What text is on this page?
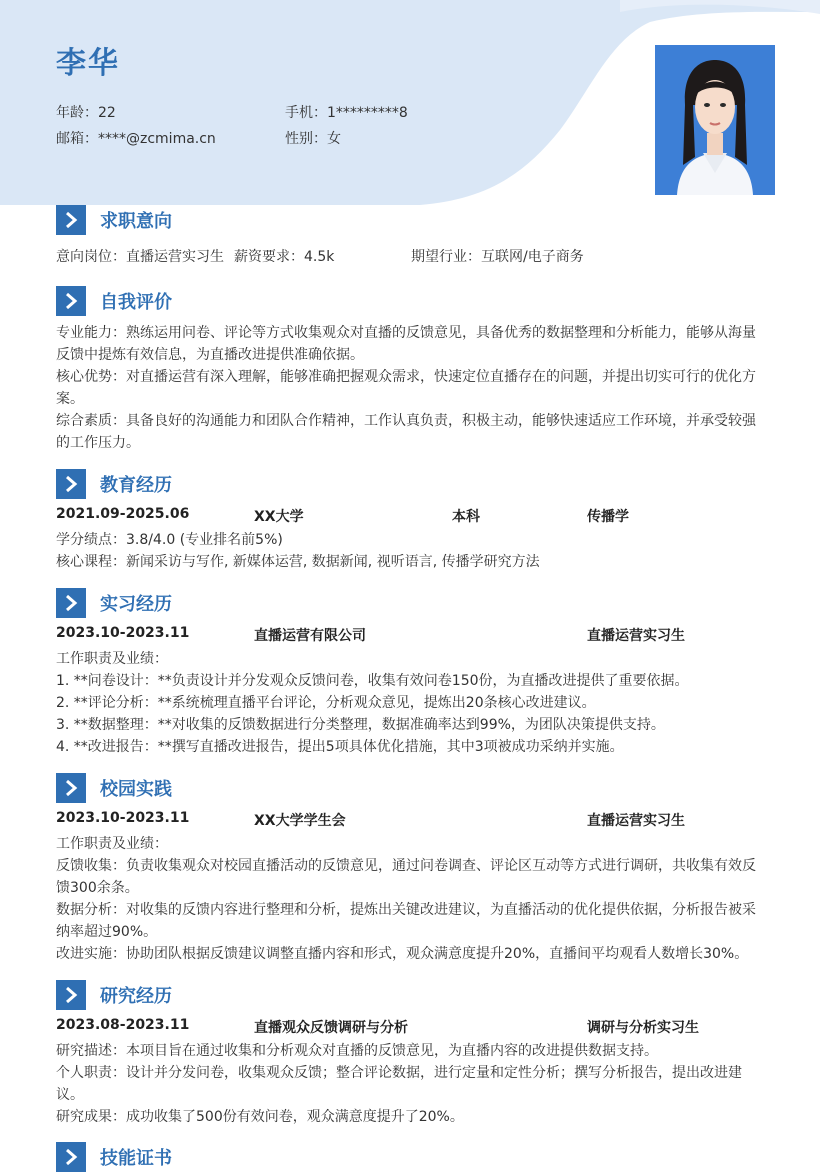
李华
年龄：22	手机：1*********8
邮箱：****@zcmima.cn	性别：女
求职意向
意向岗位：直播运营实习生 薪资要求：4.5k	期望行业：互联网/电子商务
自我评价
专业能力：熟练运用问卷、评论等方式收集观众对直播的反馈意见，具备优秀的数据整理和分析能力，能够从海量
反馈中提炼有效信息，为直播改进提供准确依据。
核心优势：对直播运营有深入理解，能够准确把握观众需求，快速定位直播存在的问题，并提出切实可行的优化方
案。
综合素质：具备良好的沟通能力和团队合作精神，工作认真负责，积极主动，能够快速适应工作环境，并承受较强
的工作压力。
教育经历
2021.09-2025.06	XX大学	本科	传播学
学分绩点：3.8/4.0 (专业排名前5%)
核心课程：新闻采访与写作, 新媒体运营, 数据新闻, 视听语言, 传播学研究方法
实习经历
2023.10-2023.11	直播运营有限公司	直播运营实习生
工作职责及业绩：
1. **问卷设计：**负责设计并分发观众反馈问卷，收集有效问卷150份，为直播改进提供了重要依据。
2. **评论分析：**系统梳理直播平台评论，分析观众意见，提炼出20条核心改进建议。
3. **数据整理：**对收集的反馈数据进行分类整理，数据准确率达到99%，为团队决策提供支持。
4. **改进报告：**撰写直播改进报告，提出5项具体优化措施，其中3项被成功采纳并实施。
校园实践
2023.10-2023.11	XX大学学生会	直播运营实习生
工作职责及业绩：
反馈收集：负责收集观众对校园直播活动的反馈意见，通过问卷调查、评论区互动等方式进行调研，共收集有效反
馈300余条。
数据分析：对收集的反馈内容进行整理和分析，提炼出关键改进建议，为直播活动的优化提供依据，分析报告被采
纳率超过90%。
改进实施：协助团队根据反馈建议调整直播内容和形式，观众满意度提升20%，直播间平均观看人数增长30%。
研究经历
2023.08-2023.11	直播观众反馈调研与分析	调研与分析实习生
研究描述：本项目旨在通过收集和分析观众对直播的反馈意见，为直播内容的改进提供数据支持。
个人职责：设计并分发问卷，收集观众反馈；整合评论数据，进行定量和定性分析；撰写分析报告，提出改进建
议。
研究成果：成功收集了500份有效问卷，观众满意度提升了20%。
技能证书
